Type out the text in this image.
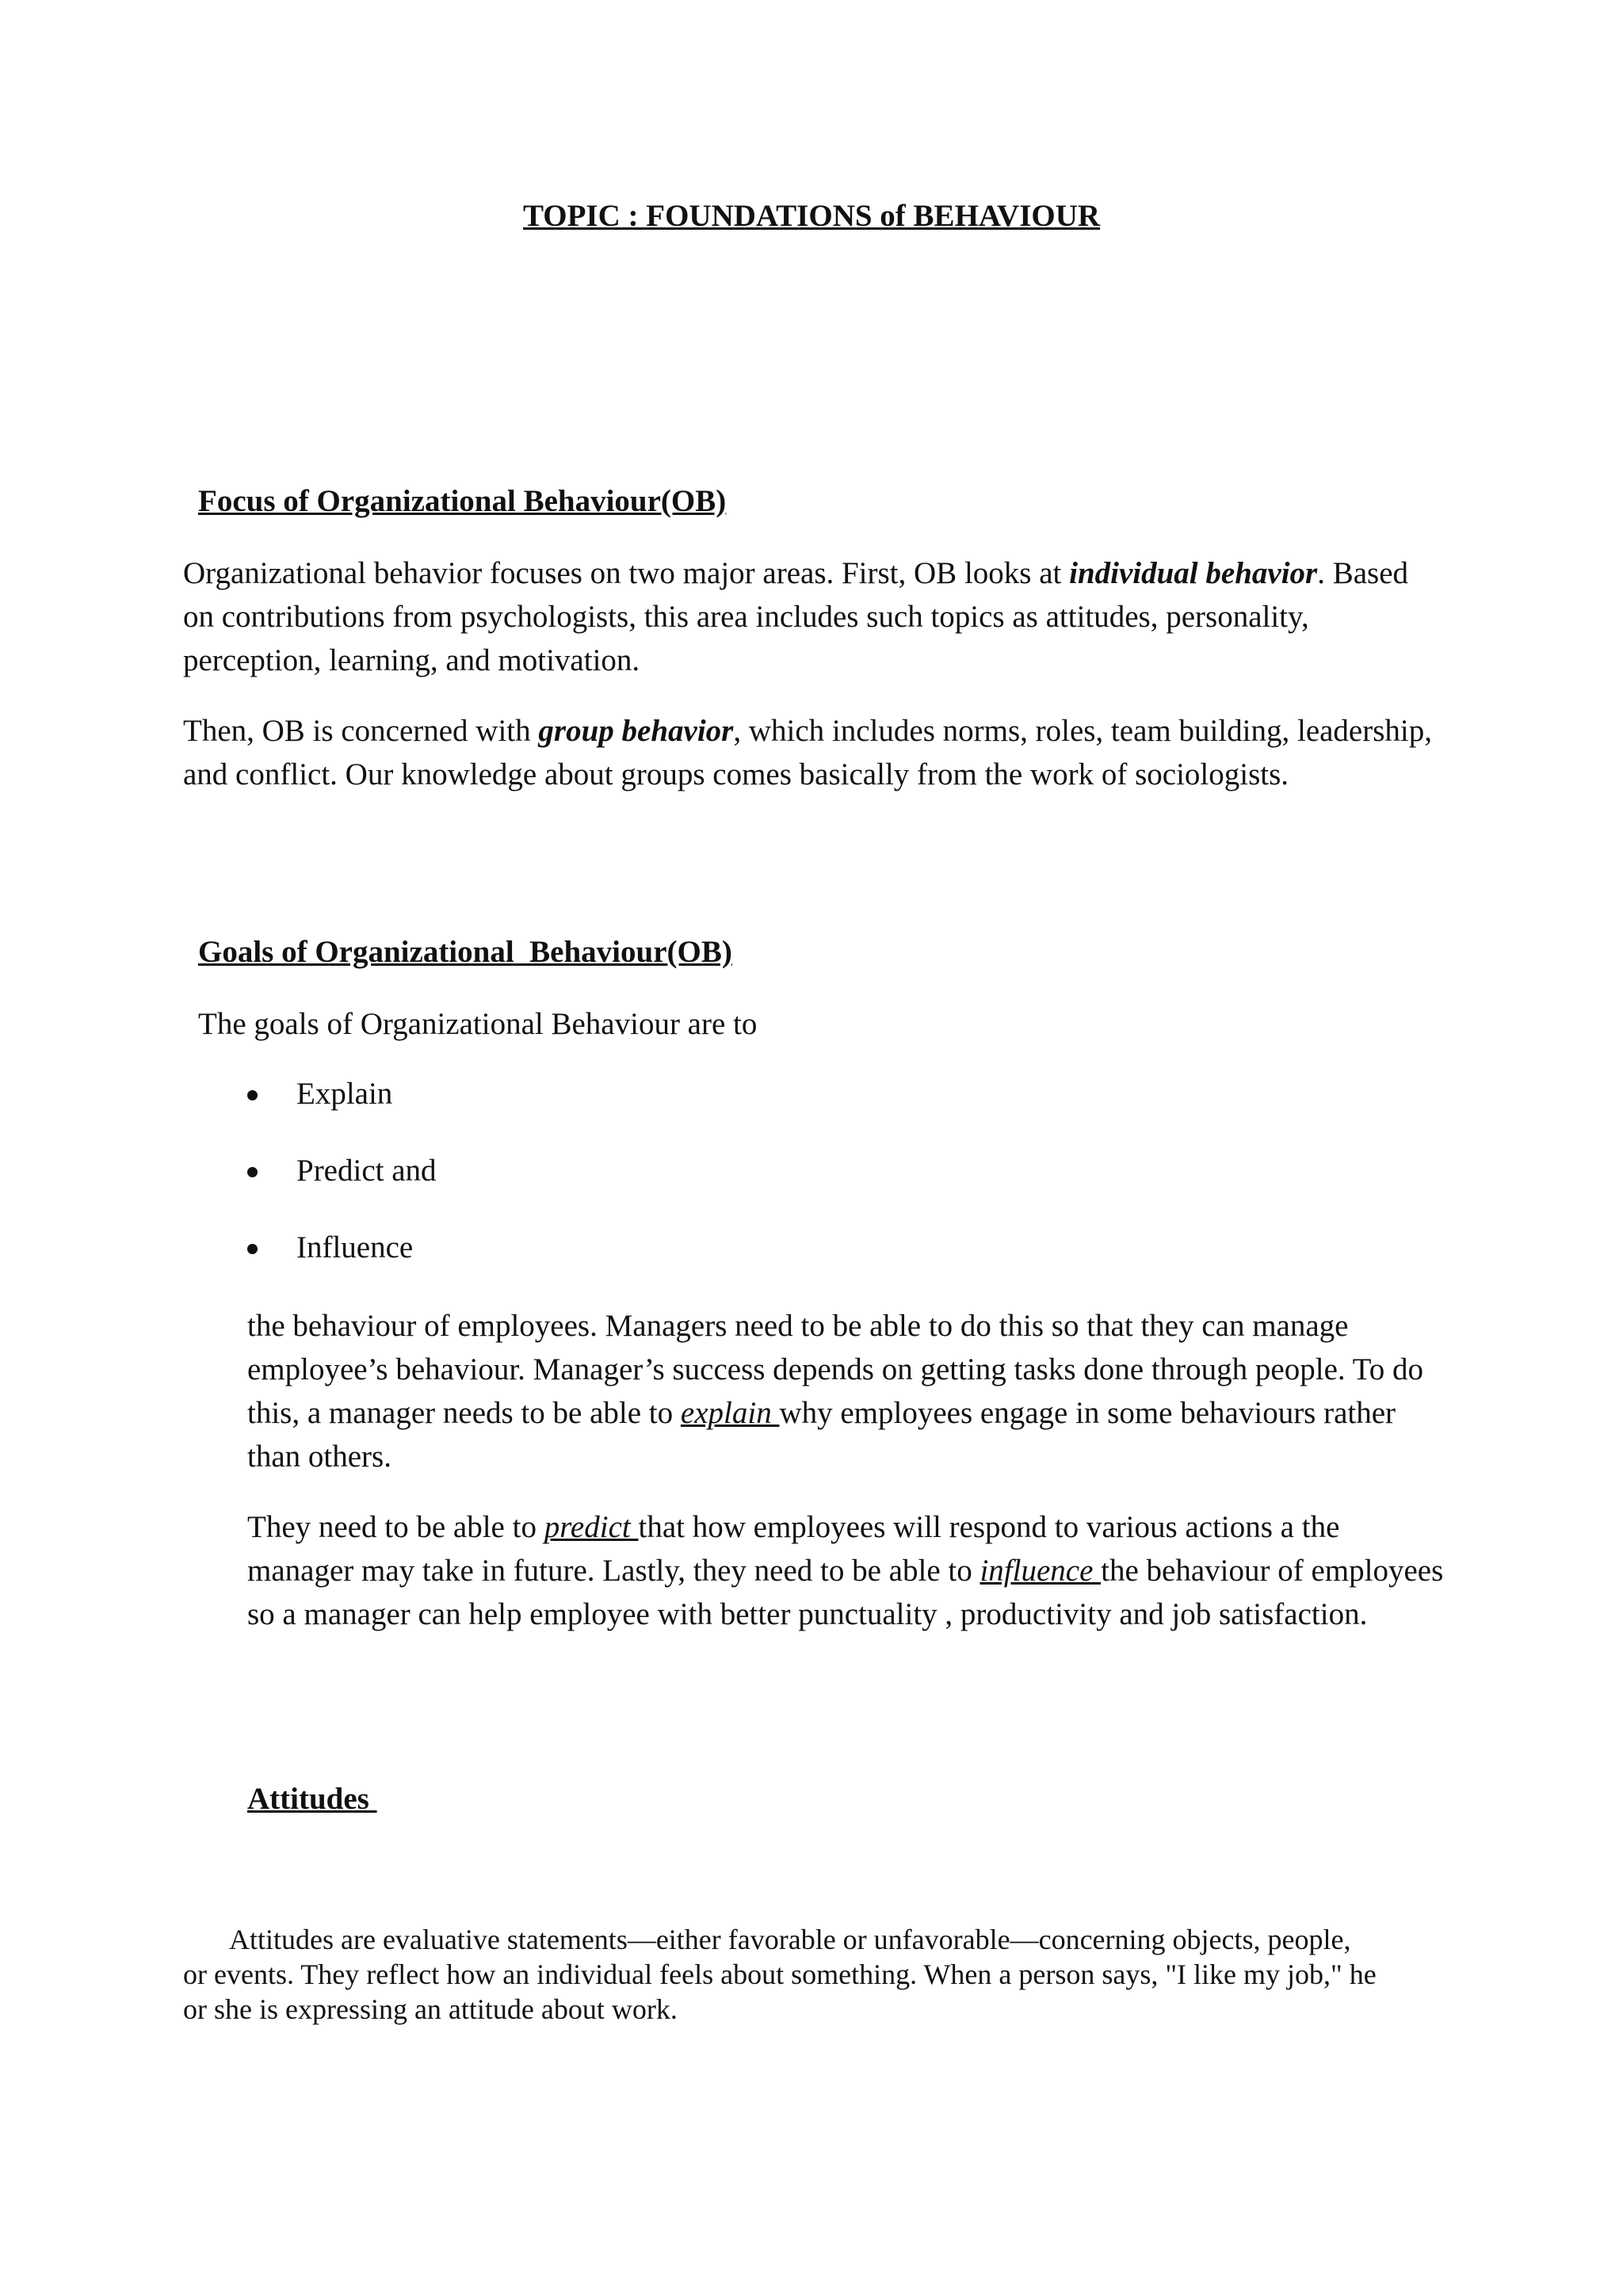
TOPIC : FOUNDATIONS of BEHAVIOUR
Focus of Organizational Behaviour(OB)

Organizational behavior focuses on two major areas. First, OB looks at individual behavior. Based on contributions from psychologists, this area includes such topics as attitudes, personality, perception, learning, and motivation.

Then, OB is concerned with group behavior, which includes norms, roles, team building, leadership, and conflict. Our knowledge about groups comes basically from the work of sociologists.

Goals of Organizational  Behaviour(OB)

The goals of Organizational Behaviour are to

Explain
Predict and
Influence

the behaviour of employees. Managers need to be able to do this so that they can manage employee’s behaviour. Manager’s success depends on getting tasks done through people. To do this, a manager needs to be able to explain why employees engage in some behaviours rather than others.

They need to be able to predict that how employees will respond to various actions a the manager may take in future. Lastly, they need to be able to influence the behaviour of employees so a manager can help employee with better punctuality , productivity and job satisfaction.

Attitudes

Attitudes are evaluative statements—either favorable or unfavorable—concerning objects, people, or events. They reflect how an individual feels about something. When a person says, "I like my job," he or she is expressing an attitude about work.
